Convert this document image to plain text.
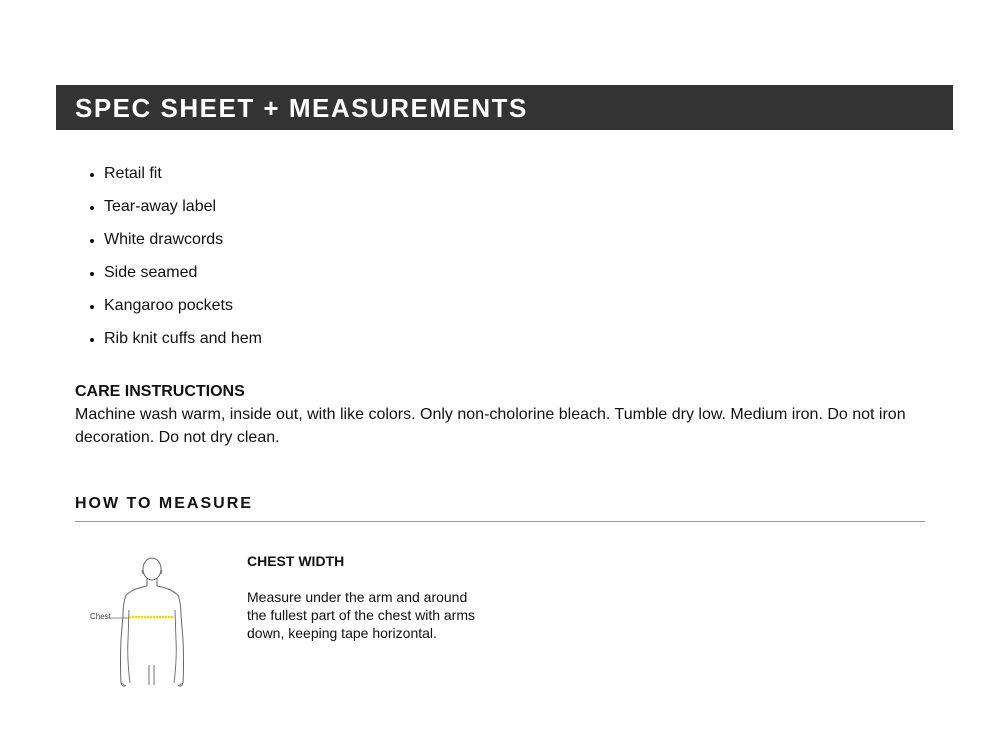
SPEC SHEET + MEASUREMENTS
Retail fit
Tear-away label
White drawcords
Side seamed
Kangaroo pockets
Rib knit cuffs and hem
CARE INSTRUCTIONS
Machine wash warm, inside out, with like colors. Only non-cholorine bleach. Tumble dry low. Medium iron. Do not iron decoration. Do not dry clean.
HOW TO MEASURE
Chest
CHEST WIDTH
Measure under the arm and around the fullest part of the chest with arms down, keeping tape horizontal.
